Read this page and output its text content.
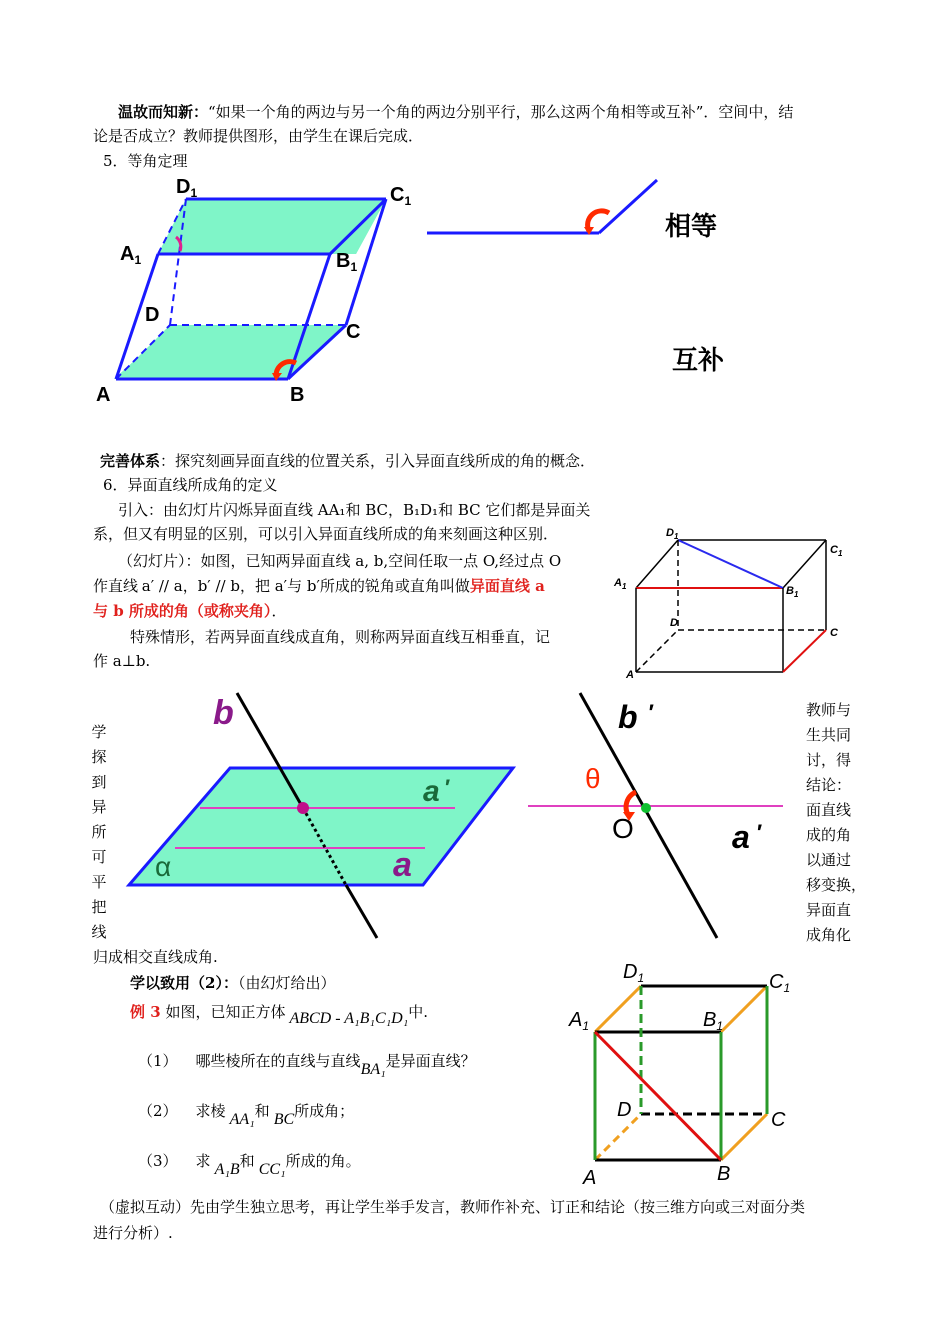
温故而知新：“如果一个角的两边与另一个角的两边分别平行，那么这两个角相等或互补”．空间中，结
论是否成立？教师提供图形，由学生在课后完成．
5．等角定理
$D_1$	$C_1$
$A_1$	$B_1$
D
C
A	B
相等
互补
完善体系：探究刻画异面直线的位置关系，引入异面直线所成的角的概念．
6．异面直线所成角的定义
引入：由幻灯片闪烁异面直线 AA₁和 BC，B₁D₁和 BC 它们都是异面关
系，但又有明显的区别，可以引入异面直线所成的角来刻画这种区别．
（幻灯片）：如图，已知两异面直线 a, b,空间任取一点 O,经过点 O
作直线 a′ // a，b′ // b，把 a′与 b′所成的锐角或直角叫做异面直线 a
与 b 所成的角（或称夹角）．
特殊情形，若两异面直线成直角，则称两异面直线互相垂直，记
作 a⊥b.
$D_1$
$C_1$
$A_1$	$B_1$
D
C
A
学
探
到
异
所
可
平
把
线
b
a ′
α	a
b ′
θ
O	a ′
教师与
生共同
讨，得
结论：
面直线
成的角
以通过
移变换，
异面直
成角化
归成相交直线成角.
学以致用（2）：（由幻灯给出）
例 3 如图，已知正方体 ABCD - A₁B₁C₁D₁中.
（1） 哪些棱所在的直线与直线BA₁是异面直线？
（2） 求棱 AA₁和 BC所成角；
（3） 求 A₁B和 CC₁所成的角。
$D_1$	$C_1$
$A_1$	$B_1$
D	C
A	B
（虚拟互动）先由学生独立思考，再让学生举手发言，教师作补充、订正和结论（按三维方向或三对面分类
进行分析）.
